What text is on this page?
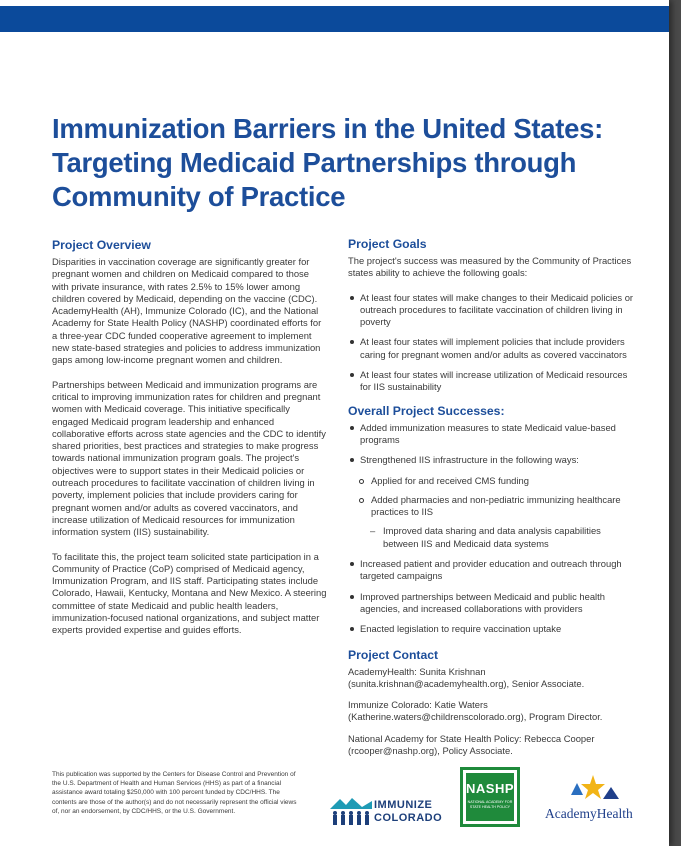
Immunization Barriers in the United States:
Targeting Medicaid Partnerships through
Community of Practice
Project Overview

Disparities in vaccination coverage are significantly greater for pregnant women and children on Medicaid compared to those with private insurance, with rates 2.5% to 15% lower among children covered by Medicaid, depending on the vaccine (CDC). AcademyHealth (AH), Immunize Colorado (IC), and the National Academy for State Health Policy (NASHP) coordinated efforts for a three-year CDC funded cooperative agreement to implement new state-based strategies and policies to address immunization gaps among low-income pregnant women and children.

Partnerships between Medicaid and immunization programs are critical to improving immunization rates for children and pregnant women with Medicaid coverage. This initiative specifically engaged Medicaid program leadership and enhanced collaborative efforts across state agencies and the CDC to identify shared priorities, best practices and strategies to make progress towards national immunization program goals. The project's objectives were to support states in their Medicaid policies or outreach procedures to facilitate vaccination of children living in poverty, implement policies that include providers caring for pregnant women and/or adults as covered vaccinators, and increase utilization of Medicaid resources for immunization information system (IIS) sustainability.

To facilitate this, the project team solicited state participation in a Community of Practice (CoP) comprised of Medicaid agency, Immunization Program, and IIS staff. Participating states include Colorado, Hawaii, Kentucky, Montana and New Mexico. A steering committee of state Medicaid and public health leaders, immunization-focused national organizations, and subject matter experts provided expertise and guides efforts.

Project Goals

The project's success was measured by the Community of Practices states ability to achieve the following goals:

At least four states will make changes to their Medicaid policies or outreach procedures to facilitate vaccination of children living in poverty
At least four states will implement policies that include providers caring for pregnant women and/or adults as covered vaccinators
At least four states will increase utilization of Medicaid resources for IIS sustainability
Overall Project Successes:
Added immunization measures to state Medicaid value-based programs
Strengthened IIS infrastructure in the following ways:
Applied for and received CMS funding
Added pharmacies and non-pediatric immunizing healthcare practices to IIS
– Improved data sharing and data analysis capabilities between IIS and Medicaid data systems
Increased patient and provider education and outreach through targeted campaigns
Improved partnerships between Medicaid and public health agencies, and increased collaborations with providers
Enacted legislation to require vaccination uptake
Project Contact

AcademyHealth: Sunita Krishnan (sunita.krishnan@academyhealth.org), Senior Associate.

Immunize Colorado: Katie Waters (Katherine.waters@childrenscolorado.org), Program Director.

National Academy for State Health Policy: Rebecca Cooper (rcooper@nashp.org), Policy Associate.

This publication was supported by the Centers for Disease Control and Prevention of the U.S. Department of Health and Human Services (HHS) as part of a financial assistance award totaling $250,000 with 100 percent funded by CDC/HHS. The contents are those of the author(s) and do not necessarily represent the official views of, nor an endorsement, by CDC/HHS, or the U.S. Government.
IMMUNIZE
COLORADO
NASHP
NATIONAL ACADEMY FOR STATE HEALTH POLICY	AcademyHealth
